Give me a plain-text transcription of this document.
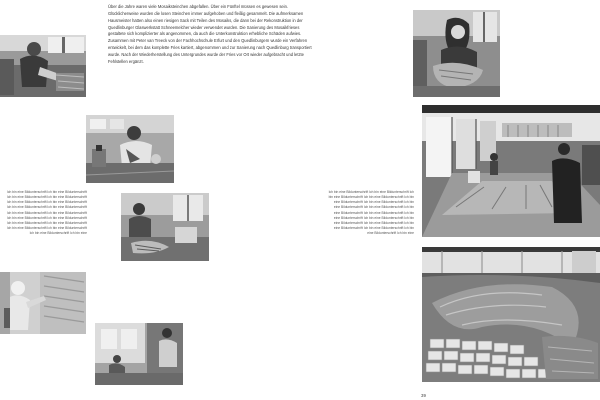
Über die Jahre waren viele Mosaiksteinchen abgefallen. Über ein Fünftel müssen es gewesen sein. Glücklicherweise wurden die losen Steinchen immer aufgehoben und fleißig gesammelt. Die aufmerksamen Hausmeister hatten also einen riesigen Sack mit Teilen des Mosaiks, die dann bei der Rekonstruktion in der Quedlinburger Glaswerkstatt Schneemelcher wieder verwendet wurden. Die Sanierung des Mosaikfrieses gestaltete sich komplizierter als angenommen, da auch die Unterkonstruktion erhebliche Schäden aufwies. Zusammen mit Peter van Treeck von der Fachhochschule Erfurt und den Quedlinburgern wurde ein Verfahren entwickelt, bei dem das komplette Fries kartiert, abgenommen und zur Sanierung nach Quedlinburg transportiert wurde. Nach der Wiederherstellung des Untergrundes wurde der Fries vor Ort wieder aufgebracht und letzte Fehlstellen ergänzt.

Ich bin eine Bildunterschrift Ich bin eine Bildunterschrift Ich bin eine Bildunterschrift Ich bin eine Bildunterschrift Ich bin eine Bildunterschrift Ich bin eine Bildunterschrift Ich bin eine Bildunterschrift Ich bin eine Bildunterschrift Ich bin eine Bildunterschrift Ich bin eine Bildunterschrift Ich bin eine Bildunterschrift Ich bin eine Bildunterschrift Ich bin eine Bildunterschrift Ich bin eine Bildunterschrift Ich bin eine Bildunterschrift Ich bin eine Bildunterschrift Ich bin eine Bildunterschrift Ich bin eine

Ich bin eine Bildunterschrift Ich bin eine Bildunterschrift Ich bin eine Bildunterschrift Ich bin eine Bildunterschrift Ich bin eine Bildunterschrift Ich bin eine Bildunterschrift Ich bin eine Bildunterschrift Ich bin eine Bildunterschrift Ich bin eine Bildunterschrift Ich bin eine Bildunterschrift Ich bin eine Bildunterschrift Ich bin eine Bildunterschrift Ich bin eine Bildunterschrift Ich bin eine Bildunterschrift Ich bin eine Bildunterschrift Ich bin eine Bildunterschrift Ich bin eine Bildunterschrift Ich bin eine

39
